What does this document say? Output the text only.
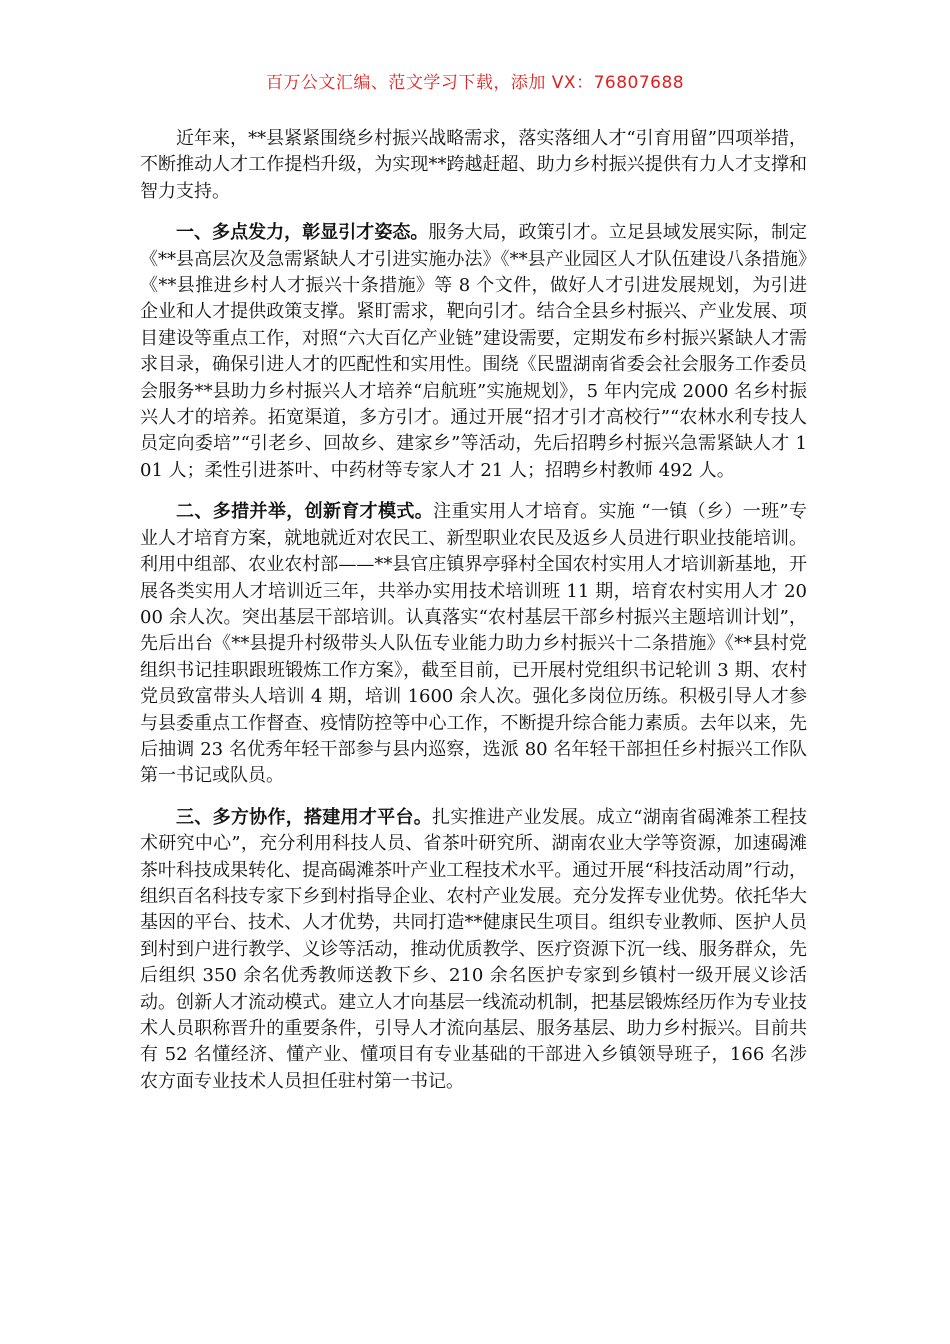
百万公文汇编、范文学习下载，添加 VX：76807688

近年来，**县紧紧围绕乡村振兴战略需求，落实落细人才“引育用留”四项举措，不断推动人才工作提档升级，为实现**跨越赶超、助力乡村振兴提供有力人才支撑和智力支持。

一、多点发力，彰显引才姿态。服务大局，政策引才。立足县域发展实际，制定《**县高层次及急需紧缺人才引进实施办法》《**县产业园区人才队伍建设八条措施》《**县推进乡村人才振兴十条措施》等 8 个文件，做好人才引进发展规划，为引进企业和人才提供政策支撑。紧盯需求，靶向引才。结合全县乡村振兴、产业发展、项目建设等重点工作，对照“六大百亿产业链”建设需要，定期发布乡村振兴紧缺人才需求目录，确保引进人才的匹配性和实用性。围绕《民盟湖南省委会社会服务工作委员会服务**县助力乡村振兴人才培养“启航班”实施规划》，5 年内完成 2000 名乡村振兴人才的培养。拓宽渠道，多方引才。通过开展“招才引才高校行”“农林水利专技人员定向委培”“引老乡、回故乡、建家乡”等活动，先后招聘乡村振兴急需紧缺人才 101 人；柔性引进茶叶、中药材等专家人才 21 人；招聘乡村教师 492 人。

二、多措并举，创新育才模式。注重实用人才培育。实施 “一镇（乡）一班”专业人才培育方案，就地就近对农民工、新型职业农民及返乡人员进行职业技能培训。利用中组部、农业农村部——**县官庄镇界亭驿村全国农村实用人才培训新基地，开展各类实用人才培训近三年，共举办实用技术培训班 11 期，培育农村实用人才 2000 余人次。突出基层干部培训。认真落实“农村基层干部乡村振兴主题培训计划”，先后出台《**县提升村级带头人队伍专业能力助力乡村振兴十二条措施》《**县村党组织书记挂职跟班锻炼工作方案》，截至目前，已开展村党组织书记轮训 3 期、农村党员致富带头人培训 4 期，培训 1600 余人次。强化多岗位历练。积极引导人才参与县委重点工作督查、疫情防控等中心工作，不断提升综合能力素质。去年以来，先后抽调 23 名优秀年轻干部参与县内巡察，选派 80 名年轻干部担任乡村振兴工作队第一书记或队员。

三、多方协作，搭建用才平台。扎实推进产业发展。成立“湖南省碣滩茶工程技术研究中心”，充分利用科技人员、省茶叶研究所、湖南农业大学等资源，加速碣滩茶叶科技成果转化、提高碣滩茶叶产业工程技术水平。通过开展“科技活动周”行动，组织百名科技专家下乡到村指导企业、农村产业发展。充分发挥专业优势。依托华大基因的平台、技术、人才优势，共同打造**健康民生项目。组织专业教师、医护人员到村到户进行教学、义诊等活动，推动优质教学、医疗资源下沉一线、服务群众，先后组织 350 余名优秀教师送教下乡、210 余名医护专家到乡镇村一级开展义诊活动。创新人才流动模式。建立人才向基层一线流动机制，把基层锻炼经历作为专业技术人员职称晋升的重要条件，引导人才流向基层、服务基层、助力乡村振兴。目前共有 52 名懂经济、懂产业、懂项目有专业基础的干部进入乡镇领导班子，166 名涉农方面专业技术人员担任驻村第一书记。
